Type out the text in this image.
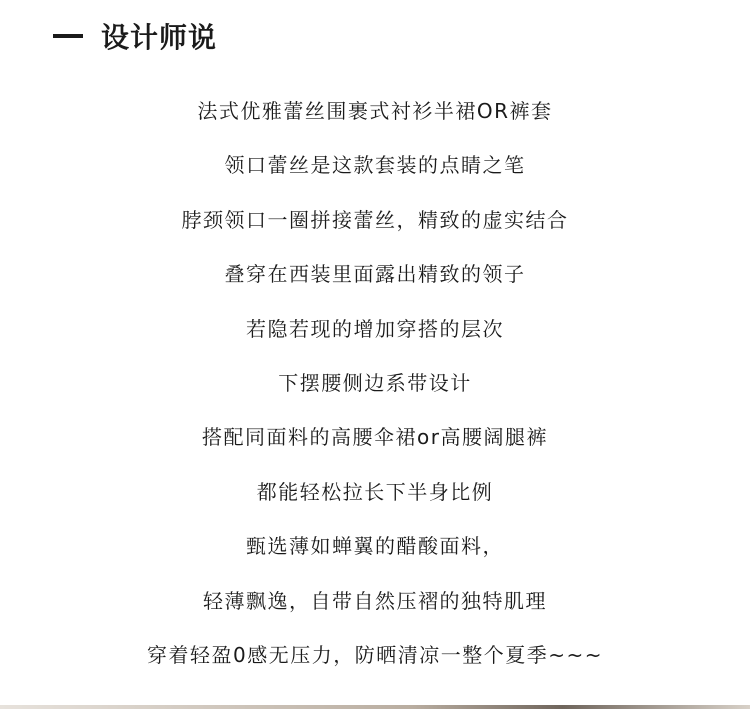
设计师说
法式优雅蕾丝围裹式衬衫半裙OR裤套
领口蕾丝是这款套装的点睛之笔
脖颈领口一圈拼接蕾丝，精致的虚实结合
叠穿在西装里面露出精致的领子
若隐若现的增加穿搭的层次
下摆腰侧边系带设计
搭配同面料的高腰伞裙or高腰阔腿裤
都能轻松拉长下半身比例
甄选薄如蝉翼的醋酸面料，
轻薄飘逸，自带自然压褶的独特肌理
穿着轻盈0感无压力，防晒清凉一整个夏季~~~
